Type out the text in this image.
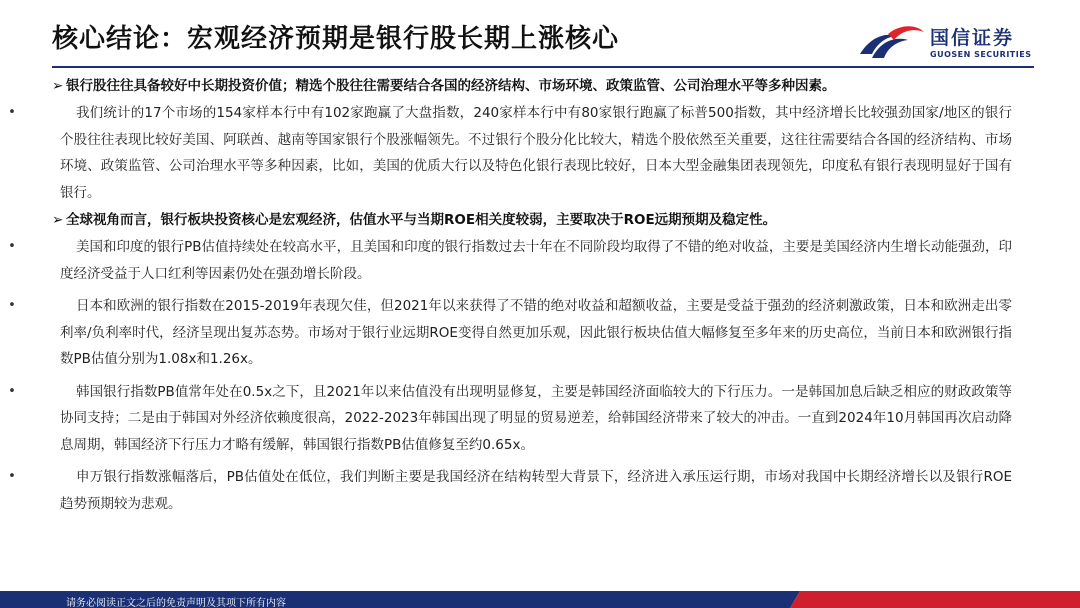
核心结论：宏观经济预期是银行股长期上涨核心	国信证券
GUOSEN SECURITIES
➢ 银行股往往具备较好中长期投资价值；精选个股往往需要结合各国的经济结构、市场环境、政策监管、公司治理水平等多种因素。
•	我们统计的17个市场的154家样本行中有102家跑赢了大盘指数，240家样本行中有80家银行跑赢了标普500指数，其中经济增长比较强劲国家/地区的银行个股往往表现比较好美国、阿联酋、越南等国家银行个股涨幅领先。不过银行个股分化比较大，精选个股依然至关重要，这往往需要结合各国的经济结构、市场环境、政策监管、公司治理水平等多种因素，比如，美国的优质大行以及特色化银行表现比较好，日本大型金融集团表现领先，印度私有银行表现明显好于国有银行。
➢ 全球视角而言，银行板块投资核心是宏观经济，估值水平与当期ROE相关度较弱，主要取决于ROE远期预期及稳定性。
•	美国和印度的银行PB估值持续处在较高水平，且美国和印度的银行指数过去十年在不同阶段均取得了不错的绝对收益，主要是美国经济内生增长动能强劲，印度经济受益于人口红利等因素仍处在强劲增长阶段。
•	日本和欧洲的银行指数在2015-2019年表现欠佳，但2021年以来获得了不错的绝对收益和超额收益，主要是受益于强劲的经济刺激政策，日本和欧洲走出零利率/负利率时代，经济呈现出复苏态势。市场对于银行业远期ROE变得自然更加乐观，因此银行板块估值大幅修复至多年来的历史高位，当前日本和欧洲银行指数PB估值分别为1.08x和1.26x。
•	韩国银行指数PB值常年处在0.5x之下，且2021年以来估值没有出现明显修复，主要是韩国经济面临较大的下行压力。一是韩国加息后缺乏相应的财政政策等协同支持；二是由于韩国对外经济依赖度很高，2022-2023年韩国出现了明显的贸易逆差，给韩国经济带来了较大的冲击。一直到2024年10月韩国再次启动降息周期，韩国经济下行压力才略有缓解，韩国银行指数PB估值修复至约0.65x。
•	申万银行指数涨幅落后，PB估值处在低位，我们判断主要是我国经济在结构转型大背景下，经济进入承压运行期，市场对我国中长期经济增长以及银行ROE趋势预期较为悲观。
请务必阅读正文之后的免责声明及其项下所有内容
